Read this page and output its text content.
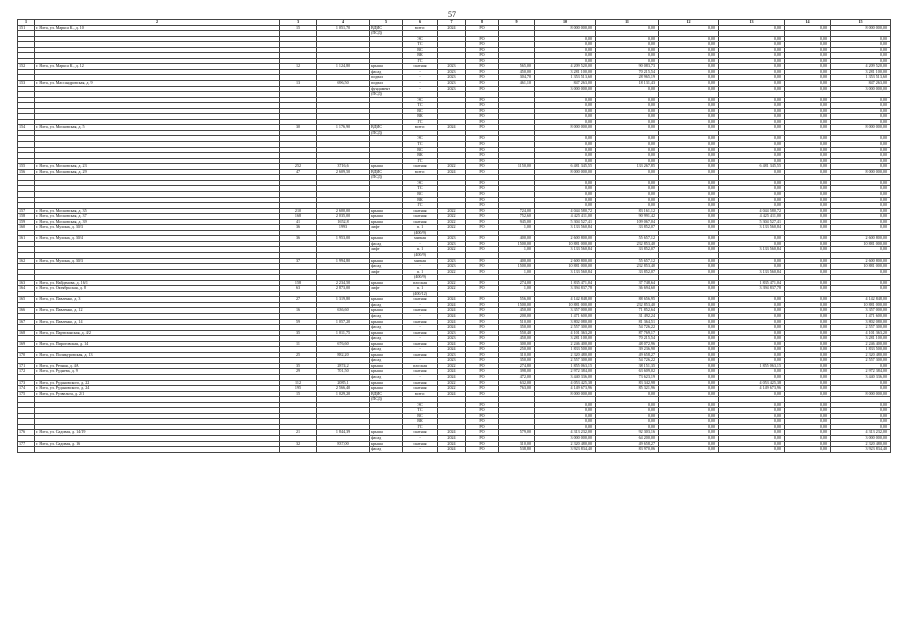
57
1	2	3	4	5	6	7	8	9	10	11	12	13	14	15
151	г. Ялта, ул. Маркса К., д. 10	15	1 051,70	ВДИС	всего:	2024	РО		8 000 000,00	0,00	0,00	0,00	0,00	8 000 000,00
				(ПСД)										
					ЭС		РО		0,00	0,00	0,00	0,00	0,00	0,00
					ТС		РО		0,00	0,00	0,00	0,00	0,00	0,00
					ВС		РО		0,00	0,00	0,00	0,00	0,00	0,00
					ВК		РО		0,00	0,00	0,00	0,00	0,00	0,00
					ГС		РО		0,00	0,00	0,00	0,00	0,00	0,00
152	г. Ялта, ул. Маркса К., д. 12	12	1 124,80	крыша	скатная	2023	РО	565,00	4 209 520,00	90 083,73	0,00	0,00	0,00	4 209 520,00
				фасад	-	2023	РО	450,00	3 281 100,00	70 215,54	0,00	0,00	0,00	3 281 100,00
				подвал	-	2023	РО	304,70	1 353 513,60	28 965,19	0,00	0,00	0,00	1 353 513,60
153	г. Ялта, ул. Массандровская, д. 9	13	696,50	подвал	-	2023	РО	461,10	847 263,00	18 131,43	0,00	0,00	0,00	847 263,00
				фундамент	-	2023	РО		3 000 000,00	0,00	0,00	0,00	0,00	3 000 000,00
				(ПСД)										
					ЭС		РО		0,00	0,00	0,00	0,00	0,00	0,00
					ТС		РО		0,00	0,00	0,00	0,00	0,00	0,00
					ВС		РО		0,00	0,00	0,00	0,00	0,00	0,00
					ВК		РО		0,00	0,00	0,00	0,00	0,00	0,00
					ГС		РО		0,00	0,00	0,00	0,00	0,00	0,00
154	г. Ялта, ул. Московская, д. 5	30	1 176,90	ВДИС	всего:	2024	РО		8 000 000,00	0,00	0,00	0,00	0,00	8 000 000,00
				(ПСД)										
					ЭС		РО		0,00	0,00	0,00	0,00	0,00	0,00
					ТС		РО		0,00	0,00	0,00	0,00	0,00	0,00
					ВС		РО		0,00	0,00	0,00	0,00	0,00	0,00
					ВК		РО		0,00	0,00	0,00	0,00	0,00	0,00
					ГС		РО		0,00	0,00	0,00	0,00	0,00	0,00
155	г. Ялта, ул. Московская, д. 23	252	3716,6	крыша	скатная	2022	РО	1150,00	6 481 345,55	133 267,85	0,00	6 481 345,55	0,00	0,00
156	г. Ялта, ул. Московская, д. 29	47	2 609,50	ВДИС	всего:	2024	РО		8 000 000,00	0,00	0,00	0,00	0,00	8 000 000,00
				(ПСД)										
					ЭС		РО		0,00	0,00	0,00	0,00	0,00	0,00
					ТС		РО		0,00	0,00	0,00	0,00	0,00	0,00
					ВС		РО		0,00	0,00	0,00	0,00	0,00	0,00
					ВК		РО		0,00	0,00	0,00	0,00	0,00	0,00
					ГС		РО		0,00	0,00	0,00	0,00	0,00	0,00
157	г. Ялта, ул. Московская, д. 35	210	2 600,00	крыша	скатная	2022	РО	724,00	4 044 580,72	83 161,12	0,00	4 044 580,72	0,00	0,00
158	г. Ялта, ул. Московская, д. 37	168	2 035,00	крыша	скатная	2022	РО	752,60	4 425 411,00	90 991,42	0,00	4 425 411,00	0,00	0,00
159	г. Ялта, ул. Московская, д. 39	41	1652,8	крыша	скатная	2022	РО	945,00	5 304 527,41	109 067,04	0,00	5 304 527,41	0,00	0,00
160	г. Ялта, ул. Мухина, д. 30/3	36	1993	лифт	п. 1	2022	РО	1,00	3 133 560,84	33 852,07	0,00	3 133 560,84	0,00	0,00
					(400/9)									
161	г. Ялта, ул. Мухина, д. 30/4	36	1 953,00	крыша	мягкая	2023	РО	400,00	2 600 800,00	55 657,12	0,00	0,00	0,00	2 600 800,00
				фасад	-	2023	РО	1500,00	10 881 000,00	232 853,40	0,00	0,00	0,00	10 881 000,00
				лифт	п. 1	2022	РО	1,00	3 133 560,84	33 852,07	0,00	3 133 560,84	0,00	0,00
					(400/9)									
162	г. Ялта, ул. Мухина, д. 30/3	37	1 994,80	крыша	мягкая	2023	РО	400,00	2 600 800,00	55 657,12	0,00	0,00	0,00	2 600 800,00
				фасад	-	2023	РО	1500,00	10 881 000,00	232 853,40	0,00	0,00	0,00	10 881 000,00
				лифт	п. 1	2022	РО	1,00	3 133 560,84	33 852,07	0,00	3 133 560,84	0,00	0,00
					(400/9)									
163	г. Ялта, ул. Найденова, д. 16/1	158	2 234,50	крыша	плоская	2022	РО	274,00	1 835 471,04	37 748,64	0,00	1 835 471,04	0,00	0,00
164	г. Ялта, ул. Октябрьская, д. 8	63	2 873,00	лифт	п. 1	2022	РО	1,00	3 394 837,78	36 694,60	0,00	3 394 837,78	0,00	0,00
					(400/12)									
165	г. Ялта, ул. Павленко, д. 3	27	1 319,80	крыша	скатная	2024	РО	556,00	4 142 848,00	88 656,95	0,00	0,00	0,00	4 142 848,00
				фасад	-	2024	РО	1500,00	10 881 000,00	232 853,40	0,00	0,00	0,00	10 881 000,00
166	г. Ялта, ул. Павленко, д. 12	16	636,60	крыша	скатная	2024	РО	450,00	3 357 000,00	71 852,64	0,00	0,00	0,00	3 357 000,00
				фасад	-	2024	РО	200,00	1 471 600,00	31 492,24	0,00	0,00	0,00	1 471 600,00
167	г. Ялта, ул. Павленко, д. 14	59	1 057,20	крыша	скатная	2024	РО	510,00	3 802 080,00	81 364,51	0,00	0,00	0,00	3 802 080,00
				фасад	-	2024	РО	350,00	2 557 300,00	54 726,22	0,00	0,00	0,00	2 557 300,00
168	г. Ялта, ул. Партизанская, д. 4/2	35	1 011,75	крыша	скатная	2023	РО	550,40	4 101 363,20	87 769,17	0,00	0,00	0,00	4 101 363,20
				фасад	-	2023	РО	450,00	3 281 100,00	70 215,54	0,00	0,00	0,00	3 281 100,00
169	г. Ялта, ул. Пироговская, д. 14	11	676,60	крыша	скатная	2024	РО	300,00	2 246 400,00	48 072,96	0,00	0,00	0,00	2 246 400,00
				фасад	-	2024	РО	250,00	1 833 500,00	39 236,90	0,00	0,00	0,00	1 833 500,00
170	г. Ялта, ул. Поликуровская, д. 13	25	882,20	крыша	скатная	2023	РО	310,00	2 320 480,00	49 658,27	0,00	0,00	0,00	2 320 480,00
				фасад	-	2023	РО	350,00	2 557 300,00	54 726,22	0,00	0,00	0,00	2 557 300,00
171	г. Ялта, ул. Речная, д. 4А	35	2874,2	крыша	плоская	2022	РО	274,80	1 855 063,15	38 151,35	0,00	1 855 063,15	0,00	0,00
172	г. Ялта, ул. Руднева, д. 9	29	701,50	крыша	скатная	2024	РО	398,00	2 972 384,00	63 609,02	0,00	0,00	0,00	2 972 384,00
				фасад	-	2024	РО	472,00	3 440 336,00	73 623,19	0,00	0,00	0,00	3 440 336,00
173	г. Ялта, ул. Рудановского, д. 22	112	2085,1	крыша	скатная	2022	РО	632,00	4 053 425,38	83 342,98	0,00	4 053 425,38	0,00	0,00
174	г. Ялта, ул. Рудановского, д. 24	195	2 566,40	крыша	скатная	2022	РО	763,00	4 149 673,96	85 321,96	0,00	4 149 673,96	0,00	0,00
175	г. Ялта, ул. Рузвельта, д. 2/1	15	1 029,20	ВДИС	всего:	2024	РО		8 000 000,00	0,00	0,00	0,00	0,00	8 000 000,00
				(ПСД)										
					ЭС		РО		0,00	0,00	0,00	0,00	0,00	0,00
					ТС		РО		0,00	0,00	0,00	0,00	0,00	0,00
					ВС		РО		0,00	0,00	0,00	0,00	0,00	0,00
					ВК		РО		0,00	0,00	0,00	0,00	0,00	0,00
					ГС		РО		0,00	0,00	0,00	0,00	0,00	0,00
176	г. Ялта, ул. Садовая, д. 14/19	21	1 844,39	крыша	скатная	2024	РО	579,00	4 313 232,00	92 303,16	0,00	0,00	0,00	4 313 232,00
				фасад	-	2024	РО		3 000 000,00	64 200,00	0,00	0,00	0,00	3 000 000,00
177	г. Ялта, ул. Садовая, д. 16	32	837,00	крыша	скатная	2024	РО	310,00	2 320 480,00	49 658,27	0,00	0,00	0,00	2 320 480,00
				фасад	-	2024	РО	538,80	3 923 834,40	83 970,06	0,00	0,00	0,00	3 923 834,40
